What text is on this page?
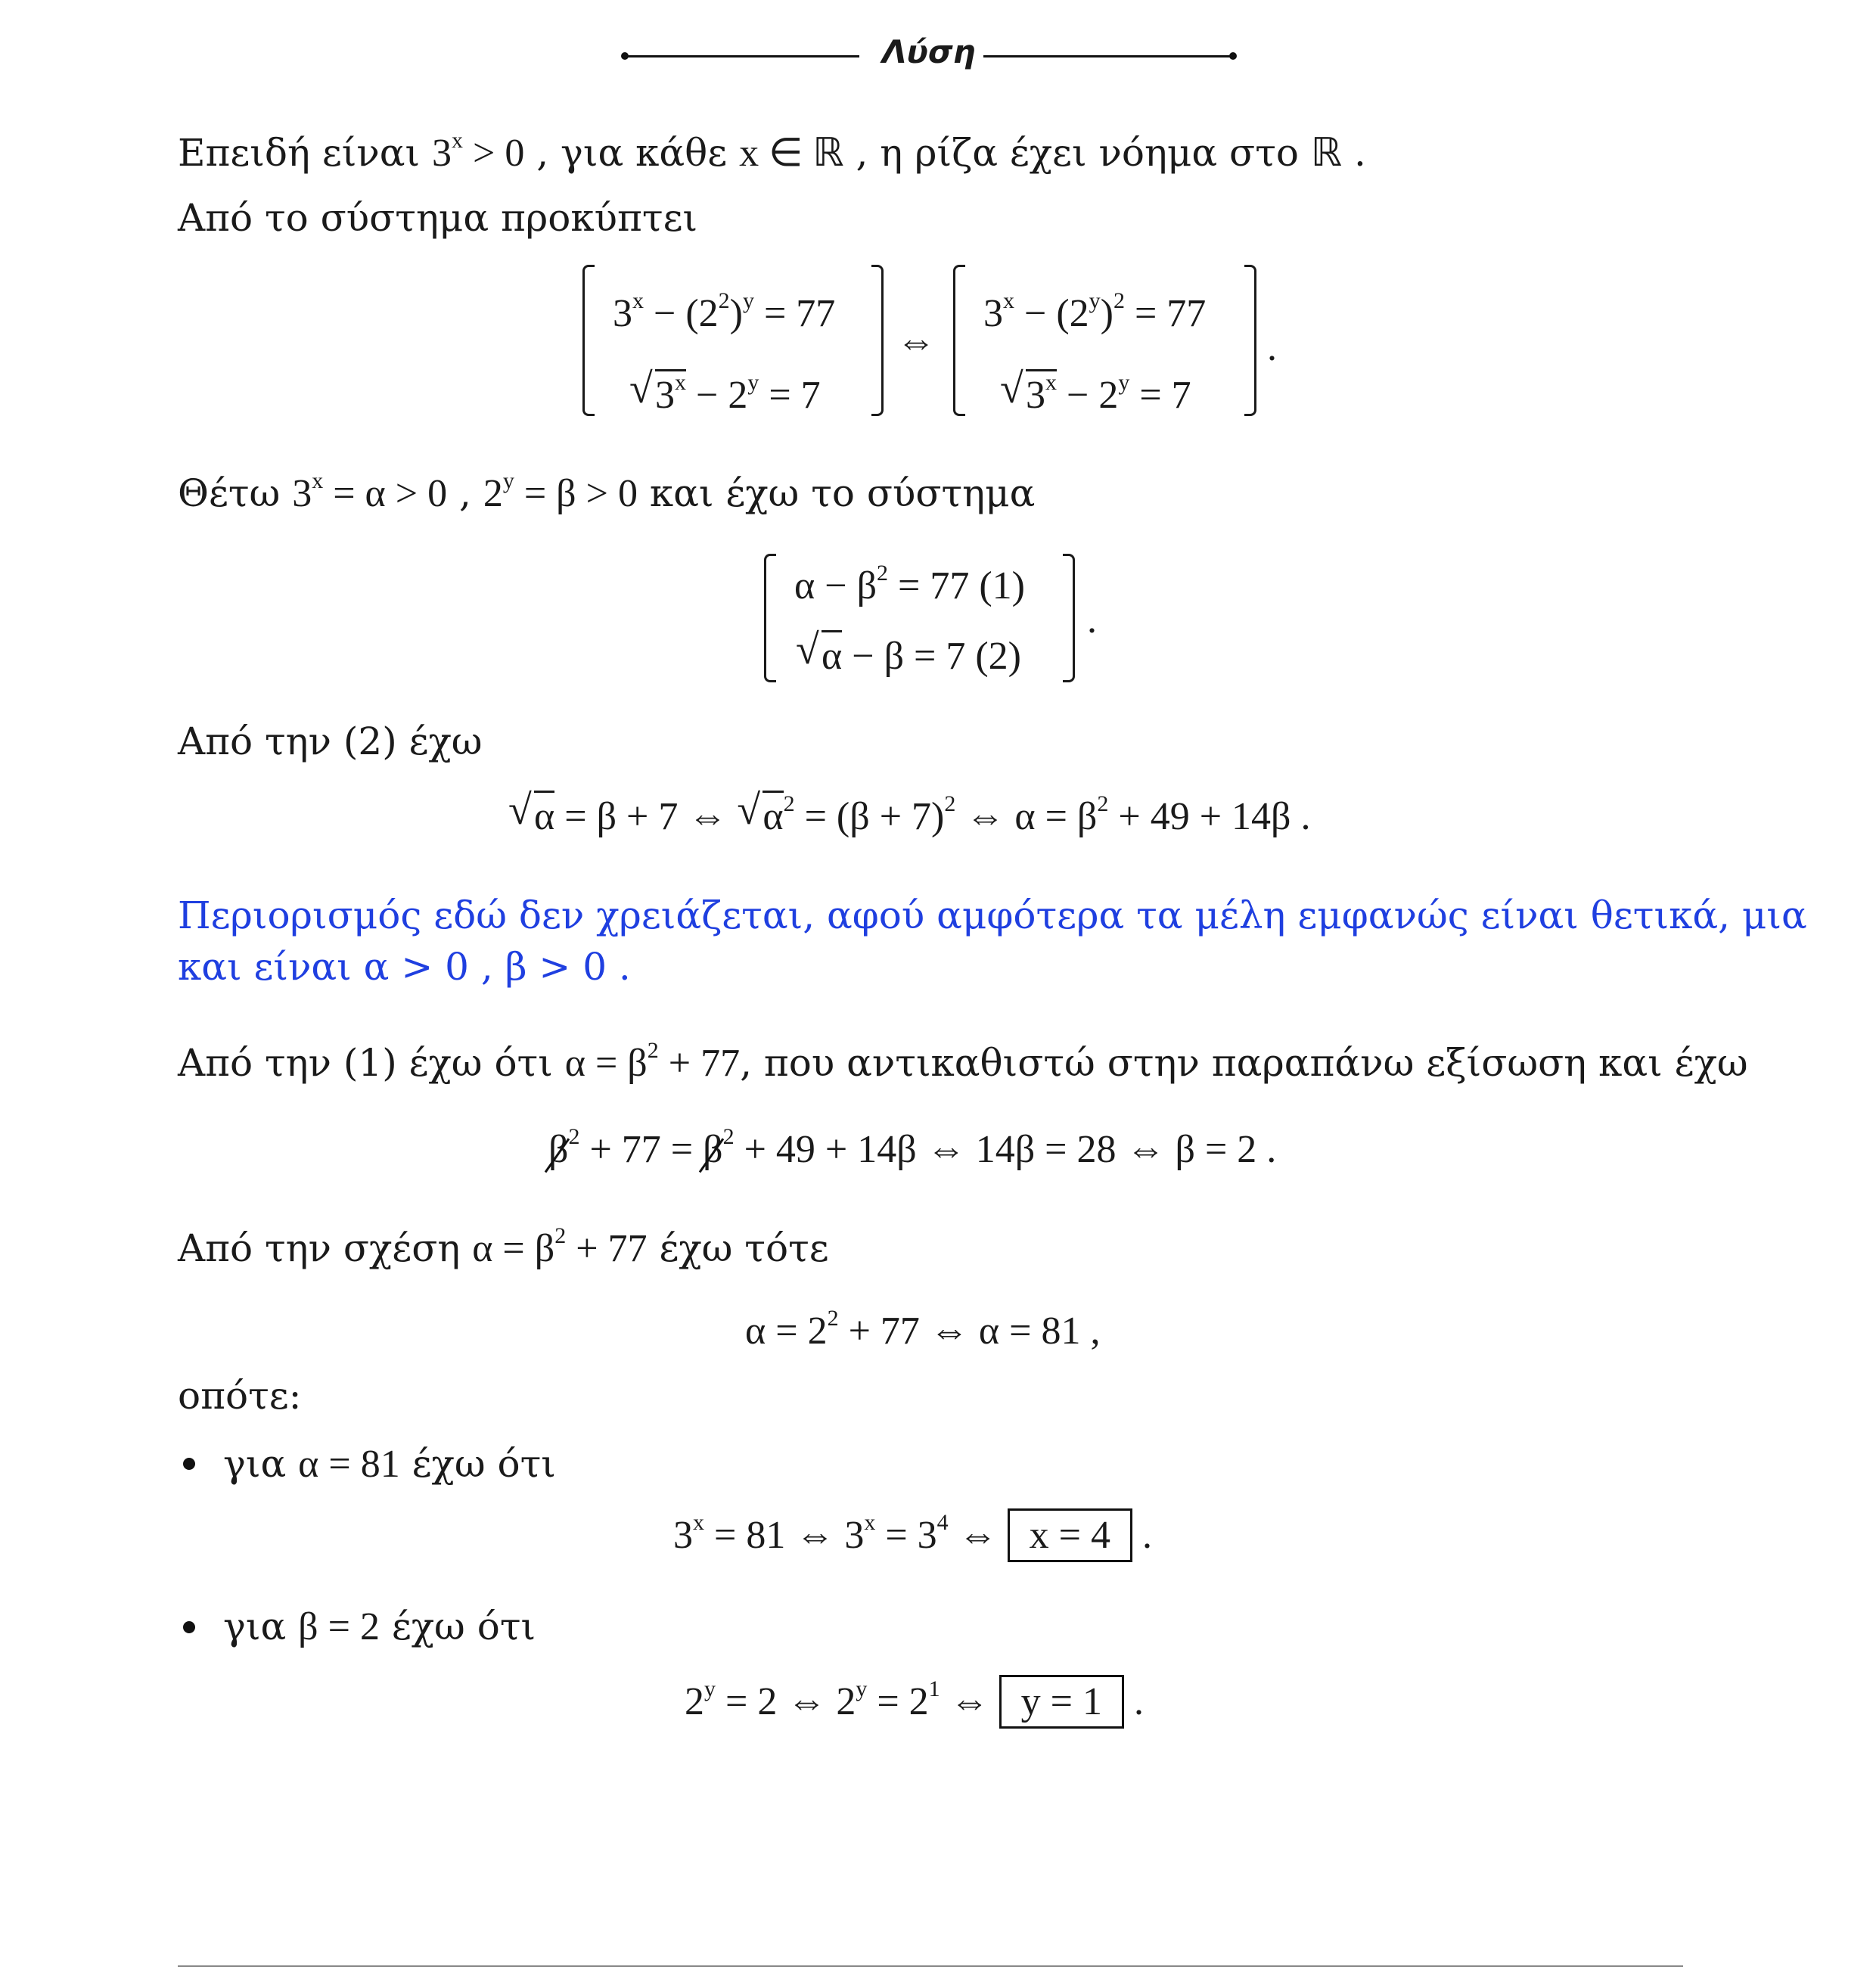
Λύση
Επειδή είναι $3^x > 0$ , για κάθε x ∈ ℝ , η ρίζα έχει νόημα στο ℝ .
Από το σύστημα προκύπτει
$3^x - (2^2)^y = 77$
√ $3^x - 2^y = 7$
⇔
$3^x - (2^y)^2 = 77$
√ $3^x - 2^y = 7$
.
Θέτω $3^x = \alpha > 0$ , $2^y = \beta > 0$ και έχω το σύστημα
$\alpha - \beta^2 = 77$ (1)
√ α − β = 7 (2)
.
Από την (2) έχω
√ α = β + 7 ⇔ √ $\alpha^2 = (\beta + 7)^2$ ⇔ $\alpha = \beta^2 + 49 + 14\beta$ .
Περιορισμός εδώ δεν χρειάζεται, αφού αμφότερα τα μέλη εμφανώς είναι θετικά, μια
και είναι α > 0 , β > 0 .
Από την (1) έχω ότι $\alpha = \beta^2 + 77$, που αντικαθιστώ στην παραπάνω εξίσωση και έχω
$\beta^2 + 77 = \beta^2 + 49 + 14\beta$ ⇔ 14β = 28 ⇔ β = 2 .
Από την σχέση $\alpha = \beta^2 + 77$ έχω τότε
$\alpha = 2^2 + 77$ ⇔ α = 81 ,
οπότε:
για α = 81 έχω ότι
$3^x = 81$ ⇔ $3^x = 3^4$ ⇔ x = 4 .
για β = 2 έχω ότι
$2^y = 2$ ⇔ $2^y = 2^1$ ⇔ y = 1 .
